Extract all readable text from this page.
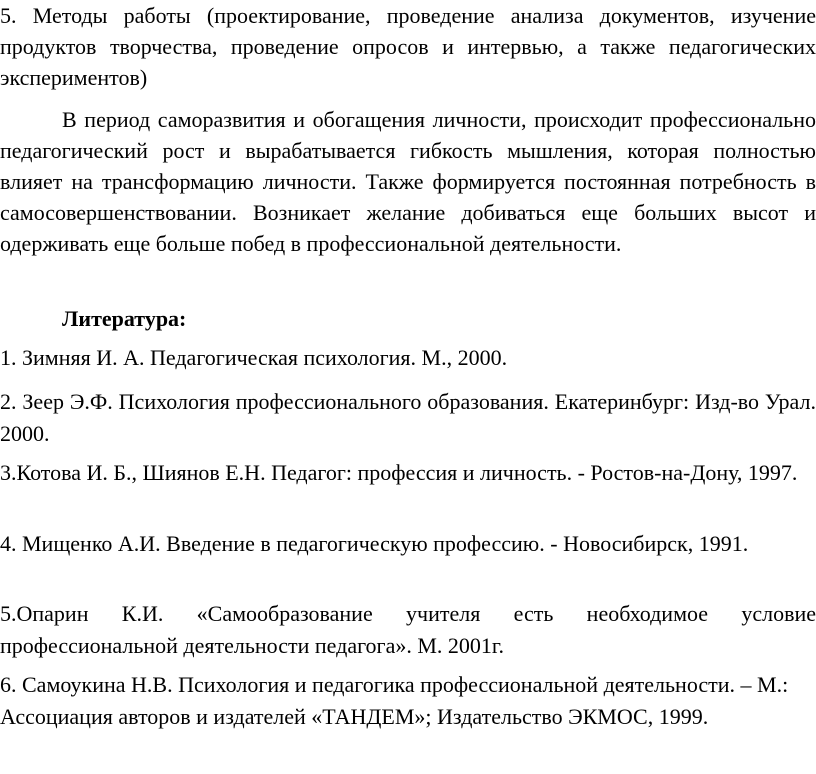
5. Методы работы (проектирование, проведение анализа документов, изучение продуктов творчества, проведение опросов и интервью, а также педагогических экспериментов)

В период саморазвития и обогащения личности, происходит профессионально педагогический рост и вырабатывается гибкость мышления, которая полностью влияет на трансформацию личности. Также формируется постоянная потребность в самосовершенствовании. Возникает желание добиваться еще больших высот и одерживать еще больше побед в профессиональной деятельности.

Литература:

1. Зимняя И. А. Педагогическая психология. М., 2000.

2. Зеер Э.Ф. Психология профессионального образования. Екатеринбург: Изд-во Урал. 2000.

3.Котова И. Б., Шиянов Е.Н. Педагог: профессия и личность. - Ростов-на-Дону, 1997.

4. Мищенко А.И. Введение в педагогическую профессию. - Новосибирск, 1991.

5.Опарин К.И. «Самообразование учителя есть необходимое условие профессиональной деятельности педагога». М. 2001г.

6. Самоукина Н.В. Психология и педагогика профессиональной деятельности. – М.: Ассоциация авторов и издателей «ТАНДЕМ»; Издательство ЭКМОС, 1999.
